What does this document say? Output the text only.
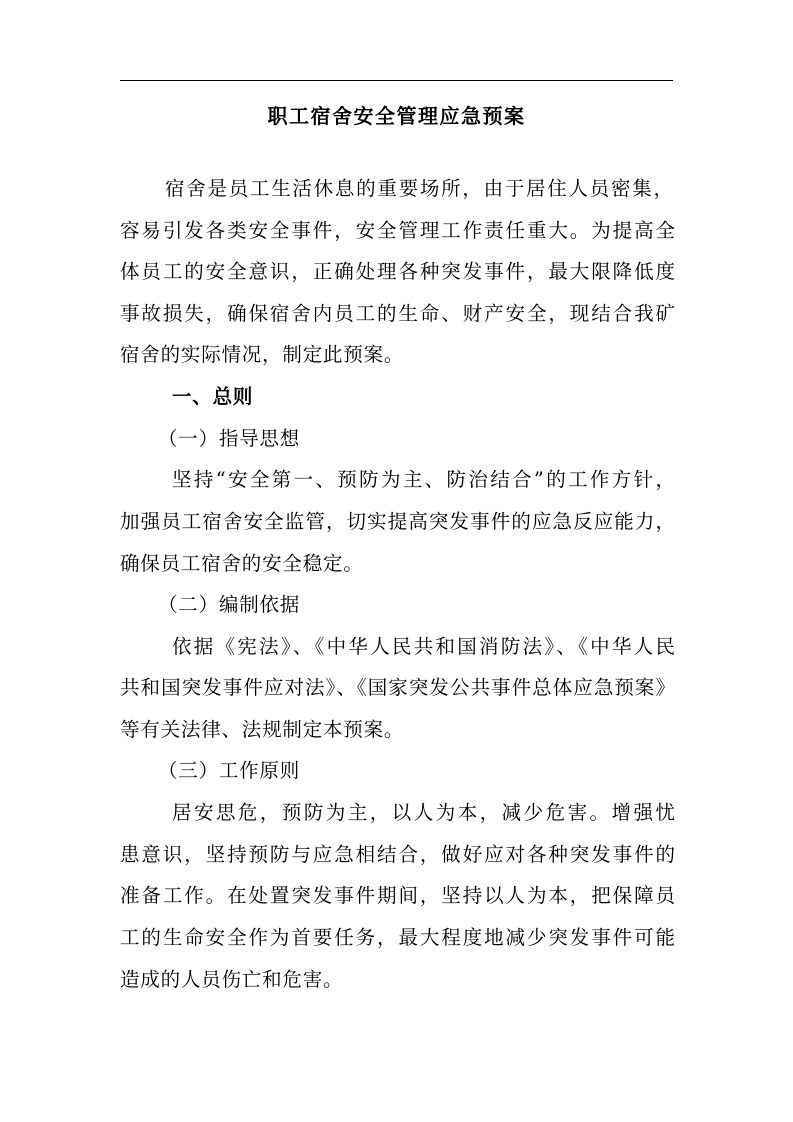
职工宿舍安全管理应急预案
宿舍是员工生活休息的重要场所，由于居住人员密集，
容易引发各类安全事件，安全管理工作责任重大。为提高全
体员工的安全意识，正确处理各种突发事件，最大限降低度
事故损失，确保宿舍内员工的生命、财产安全，现结合我矿
宿舍的实际情况，制定此预案。
一、总则
（一）指导思想
坚持“安全第一、预防为主、防治结合”的工作方针，
加强员工宿舍安全监管，切实提高突发事件的应急反应能力，
确保员工宿舍的安全稳定。
（二）编制依据
依据《宪法》、《中华人民共和国消防法》、《中华人民
共和国突发事件应对法》、《国家突发公共事件总体应急预案》
等有关法律、法规制定本预案。
（三）工作原则
居安思危，预防为主，以人为本，减少危害。增强忧
患意识，坚持预防与应急相结合，做好应对各种突发事件的
准备工作。在处置突发事件期间，坚持以人为本，把保障员
工的生命安全作为首要任务，最大程度地减少突发事件可能
造成的人员伤亡和危害。
